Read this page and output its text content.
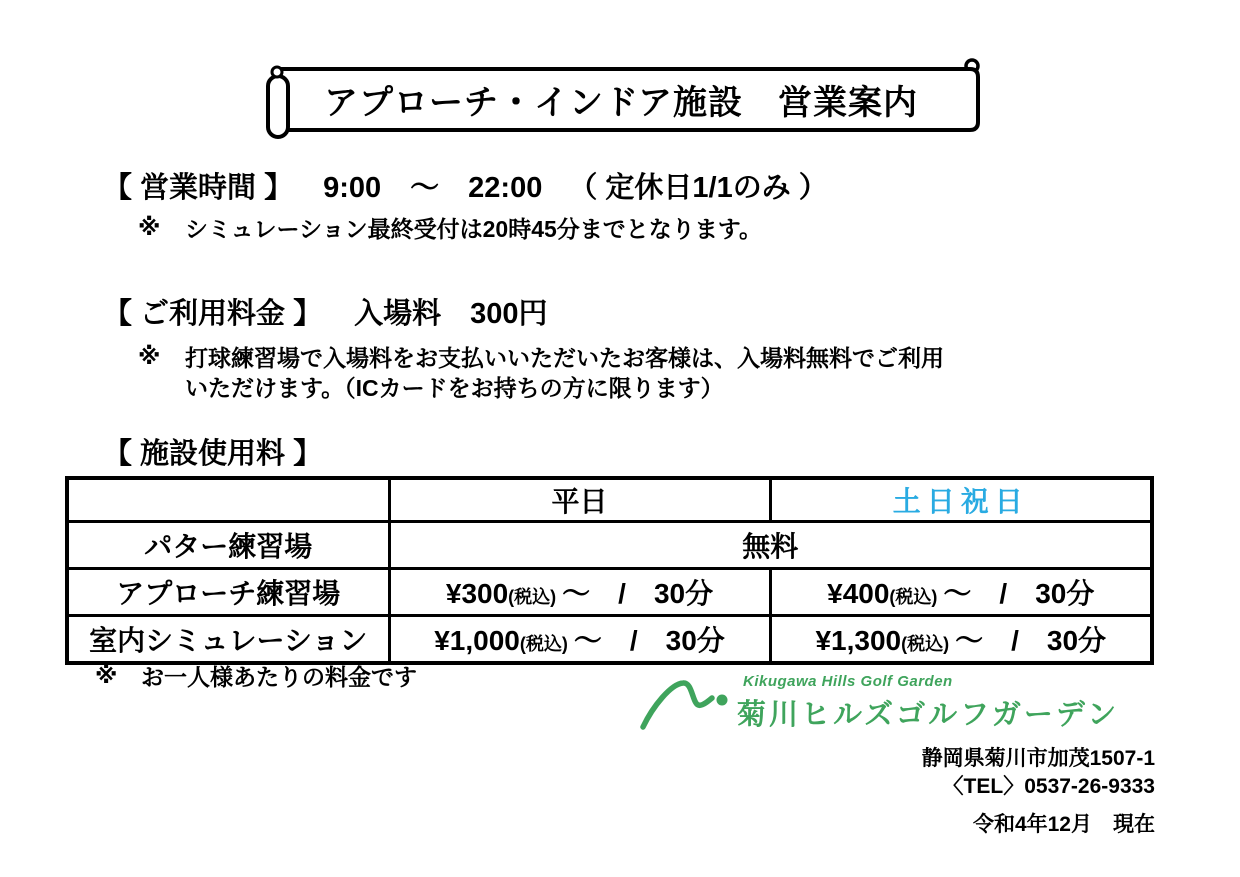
アプローチ・インドア施設　営業案内
【 営業時間 】 9:00　～　22:00 （ 定休日1/1のみ ）
※	シミュレーション最終受付は20時45分までとなります。
【 ご利用料金 】 入場料　300円
※	打球練習場で入場料をお支払いいただいたお客様は、入場料無料でご利用
いただけます。（ICカードをお持ちの方に限ります）
【 施設使用料 】
	平日	土日祝日
パター練習場	無料	
アプローチ練習場	¥300(税込) ～　/　30分	¥400(税込) ～　/　30分
室内シミュレーション	¥1,000(税込) ～　/　30分	¥1,300(税込) ～　/　30分
※	お一人様あたりの料金です	Kikugawa Hills Golf Garden
菊川ヒルズゴルフガーデン
静岡県菊川市加茂1507-1
〈TEL〉0537-26-9333
令和4年12月　現在
